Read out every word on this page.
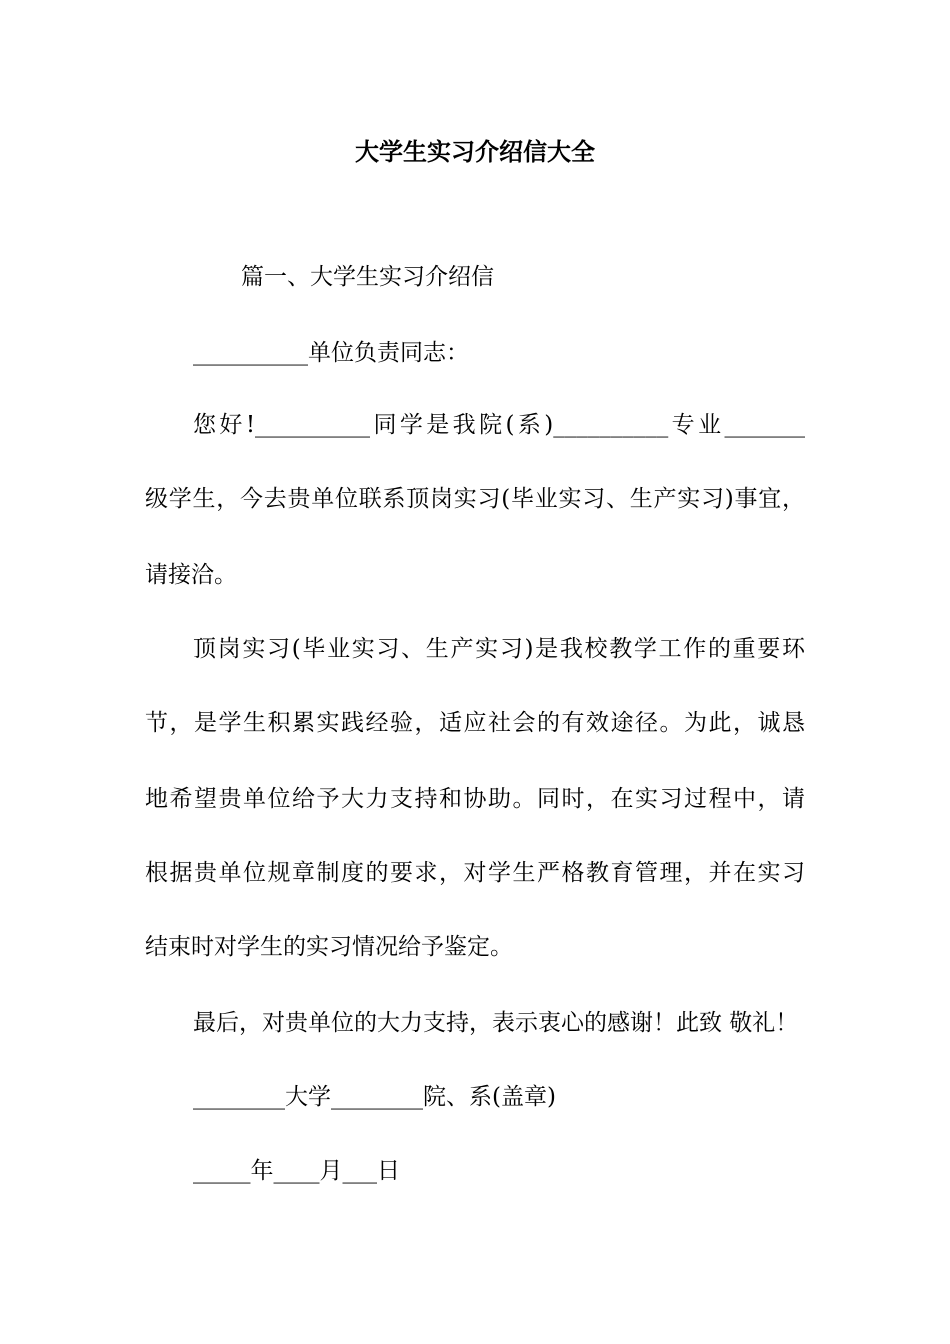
大学生实习介绍信大全
篇一、大学生实习介绍信
__________单位负责同志：
您好!__________同学是我院(系)__________专业_______
级学生，今去贵单位联系顶岗实习(毕业实习、生产实习)事宜，
请接洽。
顶岗实习(毕业实习、生产实习)是我校教学工作的重要环
节，是学生积累实践经验，适应社会的有效途径。为此，诚恳
地希望贵单位给予大力支持和协助。同时，在实习过程中，请
根据贵单位规章制度的要求，对学生严格教育管理，并在实习
结束时对学生的实习情况给予鉴定。
最后，对贵单位的大力支持，表示衷心的感谢！此致 敬礼！
________大学________院、系(盖章)
_____年____月___日
